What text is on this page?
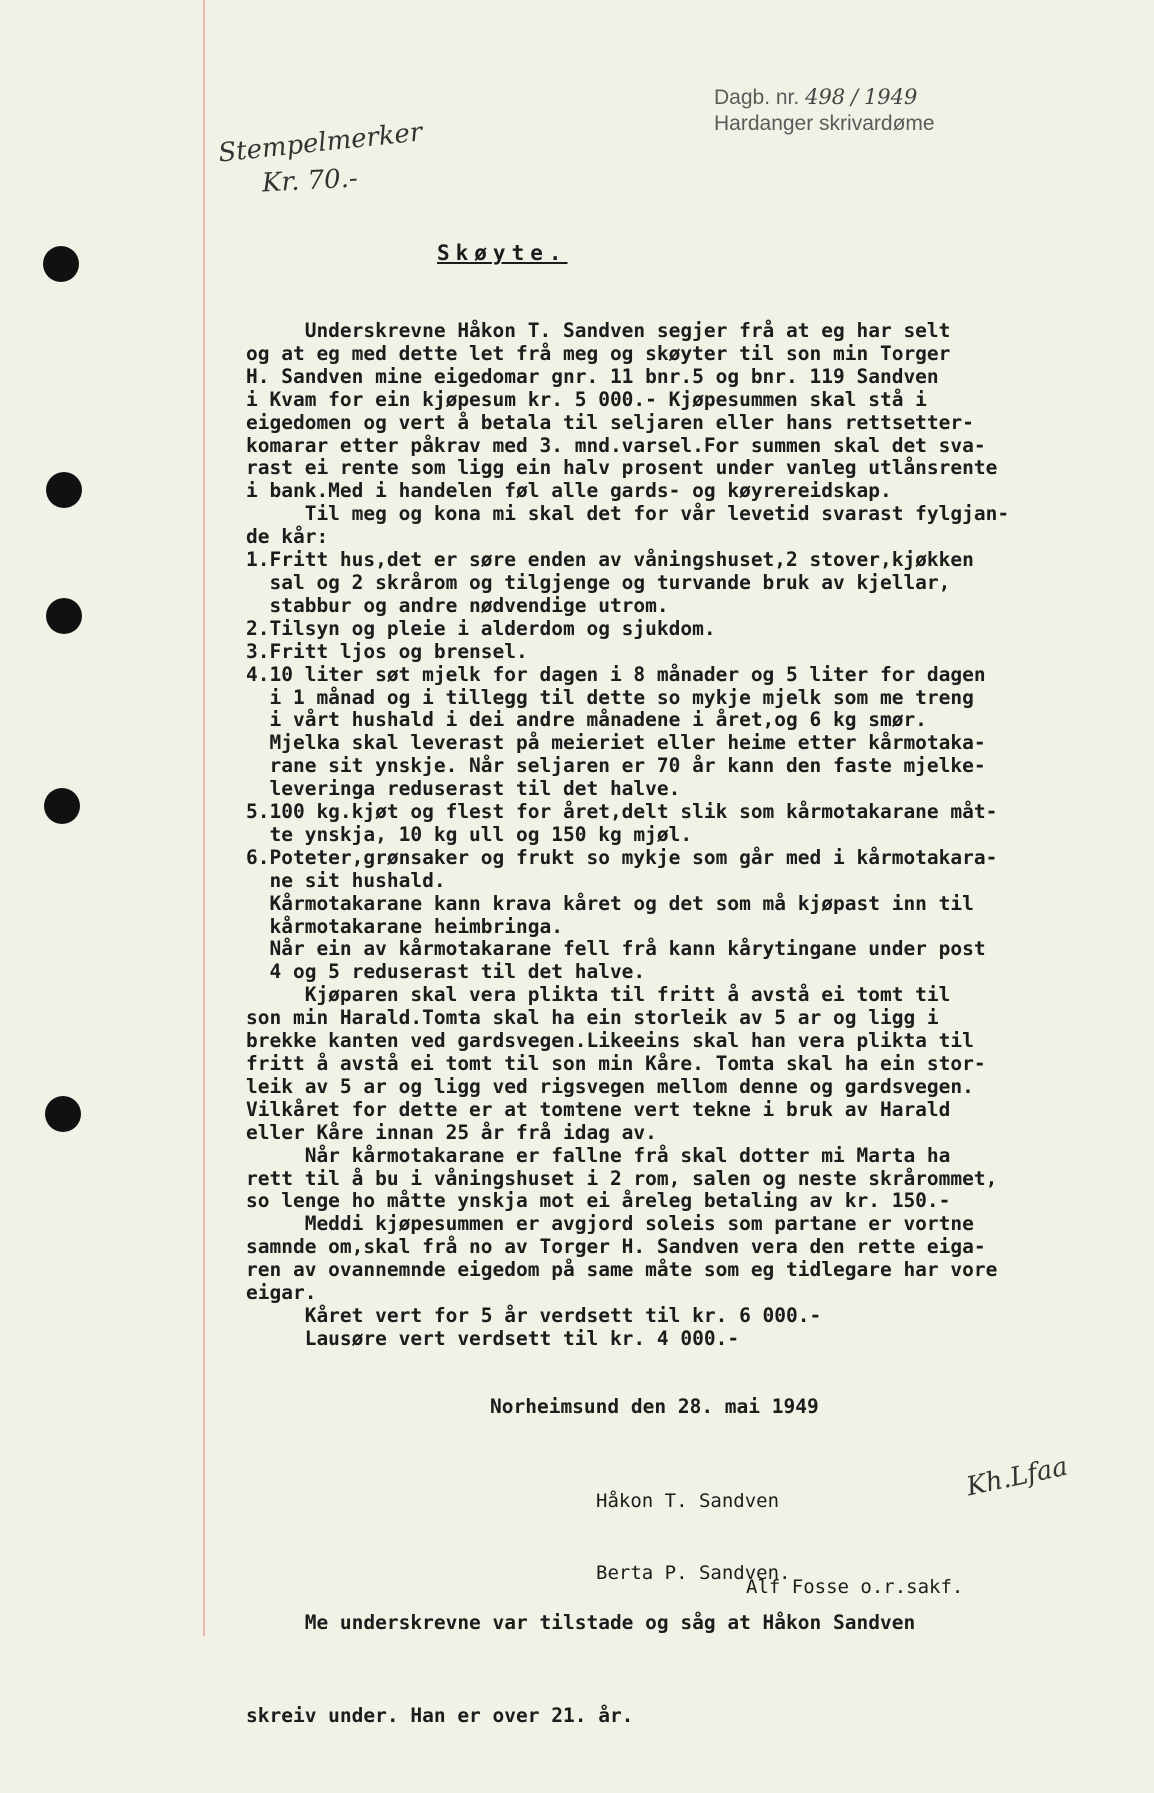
Dagb. nr. 498 / 1949
Hardanger skrivardøme
Stempelmerker
Kr. 70.-
Skøyte.
Underskrevne Håkon T. Sandven segjer frå at eg har selt
og at eg med dette let frå meg og skøyter til son min Torger
H. Sandven mine eigedomar gnr. 11 bnr.5 og bnr. 119 Sandven
i Kvam for ein kjøpesum kr. 5 000.- Kjøpesummen skal stå i
eigedomen og vert å betala til seljaren eller hans rettsetter-
komarar etter påkrav med 3. mnd.varsel.For summen skal det sva-
rast ei rente som ligg ein halv prosent under vanleg utlånsrente
i bank.Med i handelen føl alle gards- og køyrereidskap.
Til meg og kona mi skal det for vår levetid svarast fylgjan-
de kår:
1.Fritt hus,det er søre enden av våningshuset,2 stover,kjøkken
sal og 2 skrårom og tilgjenge og turvande bruk av kjellar,
stabbur og andre nødvendige utrom.
2.Tilsyn og pleie i alderdom og sjukdom.
3.Fritt ljos og brensel.
4.10 liter søt mjelk for dagen i 8 månader og 5 liter for dagen
i 1 månad og i tillegg til dette so mykje mjelk som me treng
i vårt hushald i dei andre månadene i året,og 6 kg smør.
Mjelka skal leverast på meieriet eller heime etter kårmotaka-
rane sit ynskje. Når seljaren er 70 år kann den faste mjelke-
leveringa reduserast til det halve.
5.100 kg.kjøt og flest for året,delt slik som kårmotakarane måt-
te ynskja, 10 kg ull og 150 kg mjøl.
6.Poteter,grønsaker og frukt so mykje som går med i kårmotakara-
ne sit hushald.
Kårmotakarane kann krava kåret og det som må kjøpast inn til
kårmotakarane heimbringa.
Når ein av kårmotakarane fell frå kann kårytingane under post
4 og 5 reduserast til det halve.
Kjøparen skal vera plikta til fritt å avstå ei tomt til
son min Harald.Tomta skal ha ein storleik av 5 ar og ligg i
brekke kanten ved gardsvegen.Likeeins skal han vera plikta til
fritt å avstå ei tomt til son min Kåre. Tomta skal ha ein stor-
leik av 5 ar og ligg ved rigsvegen mellom denne og gardsvegen.
Vilkåret for dette er at tomtene vert tekne i bruk av Harald
eller Kåre innan 25 år frå idag av.
Når kårmotakarane er fallne frå skal dotter mi Marta ha
rett til å bu i våningshuset i 2 rom, salen og neste skrårommet,
so lenge ho måtte ynskja mot ei åreleg betaling av kr. 150.-
Meddi kjøpesummen er avgjord soleis som partane er vortne
samnde om,skal frå no av Torger H. Sandven vera den rette eiga-
ren av ovannemnde eigedom på same måte som eg tidlegare har vore
eigar.
Kåret vert for 5 år verdsett til kr. 6 000.-
Lausøre vert verdsett til kr. 4 000.-
Norheimsund den 28. mai 1949

Håkon T. Sandven

Berta P. Sandven.

Kh.Lfaa

Me underskrevne var tilstade og såg at Håkon Sandven

skreiv under. Han er over 21. år.

Alf Fosse o.r.sakf.
